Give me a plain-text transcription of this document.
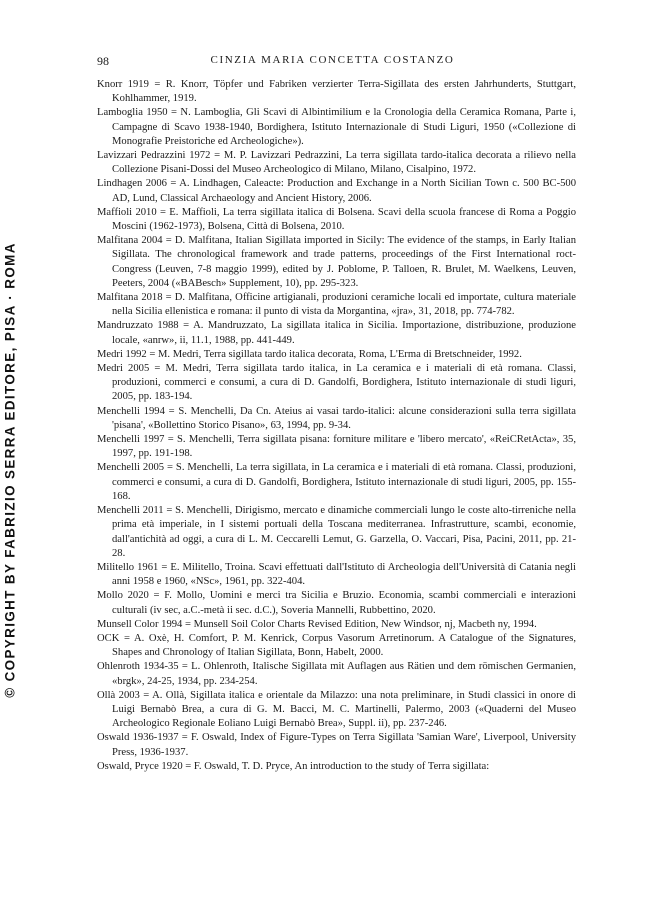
© COPYRIGHT BY FABRIZIO SERRA EDITORE, PISA · ROMA
98	CINZIA MARIA CONCETTA COSTANZO

Knorr 1919 = R. Knorr, Töpfer und Fabriken verzierter Terra-Sigillata des ersten Jahrhunderts, Stuttgart, Kohlhammer, 1919.

Lamboglia 1950 = N. Lamboglia, Gli Scavi di Albintimilium e la Cronologia della Ceramica Romana, Parte i, Campagne di Scavo 1938-1940, Bordighera, Istituto Internazionale di Studi Liguri, 1950 («Collezione di Monografie Preistoriche ed Archeologiche»).

Lavizzari Pedrazzini 1972 = M. P. Lavizzari Pedrazzini, La terra sigillata tardo-italica decorata a rilievo nella Collezione Pisani-Dossi del Museo Archeologico di Milano, Milano, Cisalpino, 1972.

Lindhagen 2006 = A. Lindhagen, Caleacte: Production and Exchange in a North Sicilian Town c. 500 BC-500 AD, Lund, Classical Archaeology and Ancient History, 2006.

Maffioli 2010 = E. Maffioli, La terra sigillata italica di Bolsena. Scavi della scuola francese di Roma a Poggio Moscini (1962-1973), Bolsena, Città di Bolsena, 2010.

Malfitana 2004 = D. Malfitana, Italian Sigillata imported in Sicily: The evidence of the stamps, in Early Italian Sigillata. The chronological framework and trade patterns, proceedings of the First International roct-Congress (Leuven, 7-8 maggio 1999), edited by J. Poblome, P. Talloen, R. Brulet, M. Waelkens, Leuven, Peeters, 2004 («BABesch» Supplement, 10), pp. 295-323.

Malfitana 2018 = D. Malfitana, Officine artigianali, produzioni ceramiche locali ed importate, cultura materiale nella Sicilia ellenistica e romana: il punto di vista da Morgantina, «jra», 31, 2018, pp. 774-782.

Mandruzzato 1988 = A. Mandruzzato, La sigillata italica in Sicilia. Importazione, distribuzione, produzione locale, «anrw», ii, 11.1, 1988, pp. 441-449.

Medri 1992 = M. Medri, Terra sigillata tardo italica decorata, Roma, L'Erma di Bretschneider, 1992.

Medri 2005 = M. Medri, Terra sigillata tardo italica, in La ceramica e i materiali di età romana. Classi, produzioni, commerci e consumi, a cura di D. Gandolfi, Bordighera, Istituto internazionale di studi liguri, 2005, pp. 183-194.

Menchelli 1994 = S. Menchelli, Da Cn. Ateius ai vasai tardo-italici: alcune considerazioni sulla terra sigillata 'pisana', «Bollettino Storico Pisano», 63, 1994, pp. 9-34.

Menchelli 1997 = S. Menchelli, Terra sigillata pisana: forniture militare e 'libero mercato', «ReiCRetActa», 35, 1997, pp. 191-198.

Menchelli 2005 = S. Menchelli, La terra sigillata, in La ceramica e i materiali di età romana. Classi, produzioni, commerci e consumi, a cura di D. Gandolfi, Bordighera, Istituto internazionale di studi liguri, 2005, pp. 155-168.

Menchelli 2011 = S. Menchelli, Dirigismo, mercato e dinamiche commerciali lungo le coste alto-tirreniche nella prima età imperiale, in I sistemi portuali della Toscana mediterranea. Infrastrutture, scambi, economie, dall'antichità ad oggi, a cura di L. M. Ceccarelli Lemut, G. Garzella, O. Vaccari, Pisa, Pacini, 2011, pp. 21-28.

Militello 1961 = E. Militello, Troina. Scavi effettuati dall'Istituto di Archeologia dell'Università di Catania negli anni 1958 e 1960, «NSc», 1961, pp. 322-404.

Mollo 2020 = F. Mollo, Uomini e merci tra Sicilia e Bruzio. Economia, scambi commerciali e interazioni culturali (iv sec, a.C.-metà ii sec. d.C.), Soveria Mannelli, Rubbettino, 2020.

Munsell Color 1994 = Munsell Soil Color Charts Revised Edition, New Windsor, nj, Macbeth ny, 1994.

OCK = A. Oxè, H. Comfort, P. M. Kenrick, Corpus Vasorum Arretinorum. A Catalogue of the Signatures, Shapes and Chronology of Italian Sigillata, Bonn, Habelt, 2000.

Ohlenroth 1934-35 = L. Ohlenroth, Italische Sigillata mit Auflagen aus Rätien und dem römischen Germanien, «brgk», 24-25, 1934, pp. 234-254.

Ollà 2003 = A. Ollà, Sigillata italica e orientale da Milazzo: una nota preliminare, in Studi classici in onore di Luigi Bernabò Brea, a cura di G. M. Bacci, M. C. Martinelli, Palermo, 2003 («Quaderni del Museo Archeologico Regionale Eoliano Luigi Bernabò Brea», Suppl. ii), pp. 237-246.

Oswald 1936-1937 = F. Oswald, Index of Figure-Types on Terra Sigillata 'Samian Ware', Liverpool, University Press, 1936-1937.

Oswald, Pryce 1920 = F. Oswald, T. D. Pryce, An introduction to the study of Terra sigillata:
